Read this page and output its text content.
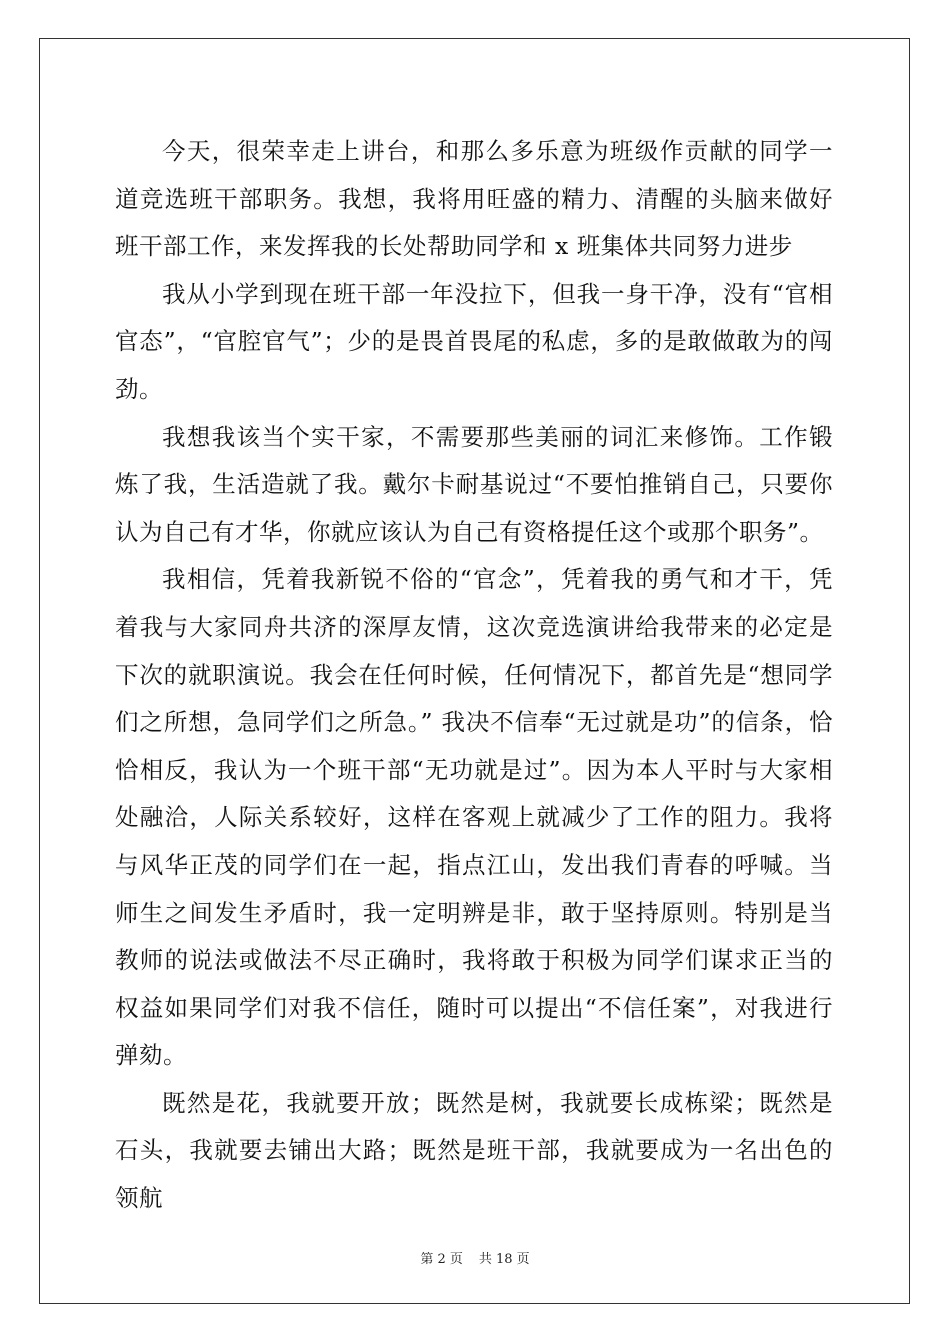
今天，很荣幸走上讲台，和那么多乐意为班级作贡献的同学一道竞选班干部职务。我想，我将用旺盛的精力、清醒的头脑来做好班干部工作，来发挥我的长处帮助同学和 x 班集体共同努力进步

我从小学到现在班干部一年没拉下，但我一身干净，没有“官相官态”，“官腔官气”；少的是畏首畏尾的私虑，多的是敢做敢为的闯劲。

我想我该当个实干家，不需要那些美丽的词汇来修饰。工作锻炼了我，生活造就了我。戴尔卡耐基说过“不要怕推销自己，只要你认为自己有才华，你就应该认为自己有资格提任这个或那个职务”。

我相信，凭着我新锐不俗的“官念”，凭着我的勇气和才干，凭着我与大家同舟共济的深厚友情，这次竞选演讲给我带来的必定是下次的就职演说。我会在任何时候，任何情况下，都首先是“想同学们之所想，急同学们之所急。” 我决不信奉“无过就是功”的信条，恰恰相反，我认为一个班干部“无功就是过”。因为本人平时与大家相处融洽，人际关系较好，这样在客观上就减少了工作的阻力。我将与风华正茂的同学们在一起，指点江山，发出我们青春的呼喊。当师生之间发生矛盾时，我一定明辨是非，敢于坚持原则。特别是当教师的说法或做法不尽正确时，我将敢于积极为同学们谋求正当的权益如果同学们对我不信任，随时可以提出“不信任案”，对我进行弹劾。

既然是花，我就要开放；既然是树，我就要长成栋梁；既然是石头，我就要去铺出大路；既然是班干部，我就要成为一名出色的领航

第 2 页 共 18 页
